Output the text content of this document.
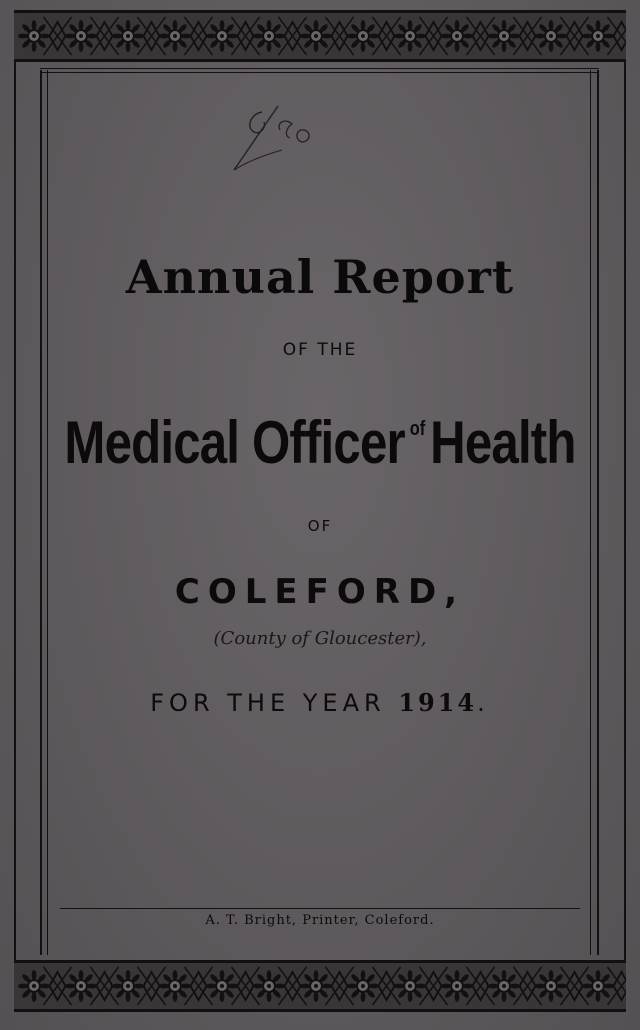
Annual Report
OF THE
Medical Officer $^{of}$Health
OF
COLEFORD,
(County of Gloucester),
FOR THE YEAR 1914.
A. T. Bright, Printer, Coleford.
